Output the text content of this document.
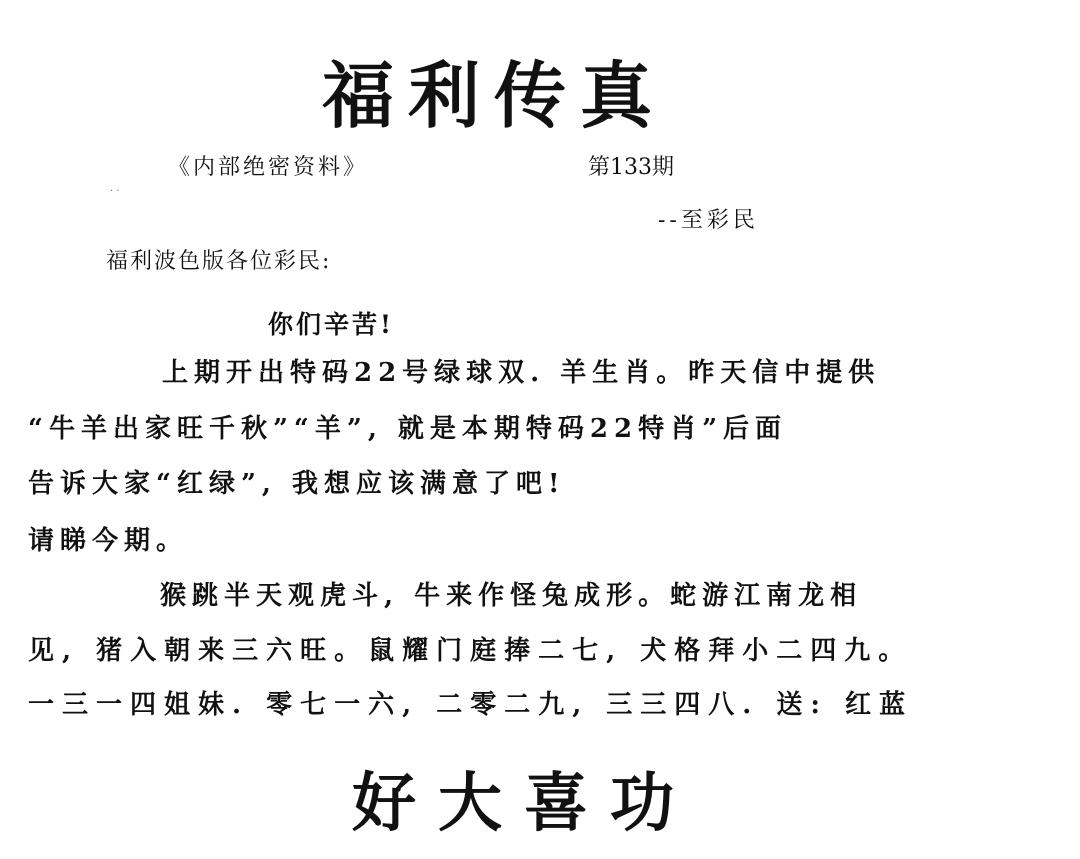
福利传真
《内部绝密资料》	第133期
· ·
--至彩民
福利波色版各位彩民:
你们辛苦!
上期开出特码22号绿球双. 羊生肖。昨天信中提供
“牛羊出家旺千秋”“羊”, 就是本期特码22特肖”后面
告诉大家“红绿”, 我想应该满意了吧!
请睇今期。
猴跳半天观虎斗, 牛来作怪兔成形。蛇游江南龙相
见, 猪入朝来三六旺。鼠耀门庭捧二七, 犬格拜小二四九。
一三一四姐妹. 零七一六, 二零二九, 三三四八. 送: 红蓝
好大喜功
